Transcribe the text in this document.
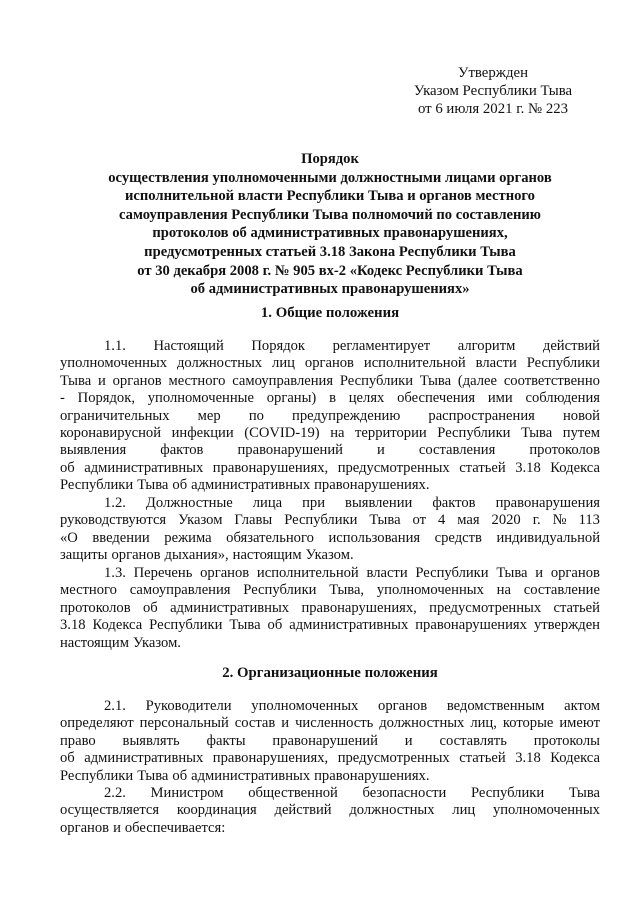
Утвержден
Указом Республики Тыва
от 6 июля 2021 г. № 223
Порядок
осуществления уполномоченными должностными лицами органов
исполнительной власти Республики Тыва и органов местного
самоуправления Республики Тыва полномочий по составлению
протоколов об административных правонарушениях,
предусмотренных статьей 3.18 Закона Республики Тыва
от 30 декабря 2008 г. № 905 вх-2 «Кодекс Республики Тыва
об административных правонарушениях»
1. Общие положения
1.1. Настоящий Порядок регламентирует алгоритм действий
уполномоченных должностных лиц органов исполнительной власти Республики
Тыва и органов местного самоуправления Республики Тыва (далее соответственно
- Порядок, уполномоченные органы) в целях обеспечения ими соблюдения
ограничительных мер по предупреждению распространения новой
коронавирусной инфекции (COVID-19) на территории Республики Тыва путем
выявления фактов правонарушений и составления протоколов
об административных правонарушениях, предусмотренных статьей 3.18 Кодекса
Республики Тыва об административных правонарушениях.
1.2. Должностные лица при выявлении фактов правонарушения
руководствуются Указом Главы Республики Тыва от 4 мая 2020 г. № 113
«О введении режима обязательного использования средств индивидуальной
защиты органов дыхания», настоящим Указом.
1.3. Перечень органов исполнительной власти Республики Тыва и органов
местного самоуправления Республики Тыва, уполномоченных на составление
протоколов об административных правонарушениях, предусмотренных статьей
3.18 Кодекса Республики Тыва об административных правонарушениях утвержден
настоящим Указом.
2. Организационные положения
2.1. Руководители уполномоченных органов ведомственным актом
определяют персональный состав и численность должностных лиц, которые имеют
право выявлять факты правонарушений и составлять протоколы
об административных правонарушениях, предусмотренных статьей 3.18 Кодекса
Республики Тыва об административных правонарушениях.
2.2. Министром общественной безопасности Республики Тыва
осуществляется координация действий должностных лиц уполномоченных
органов и обеспечивается:
